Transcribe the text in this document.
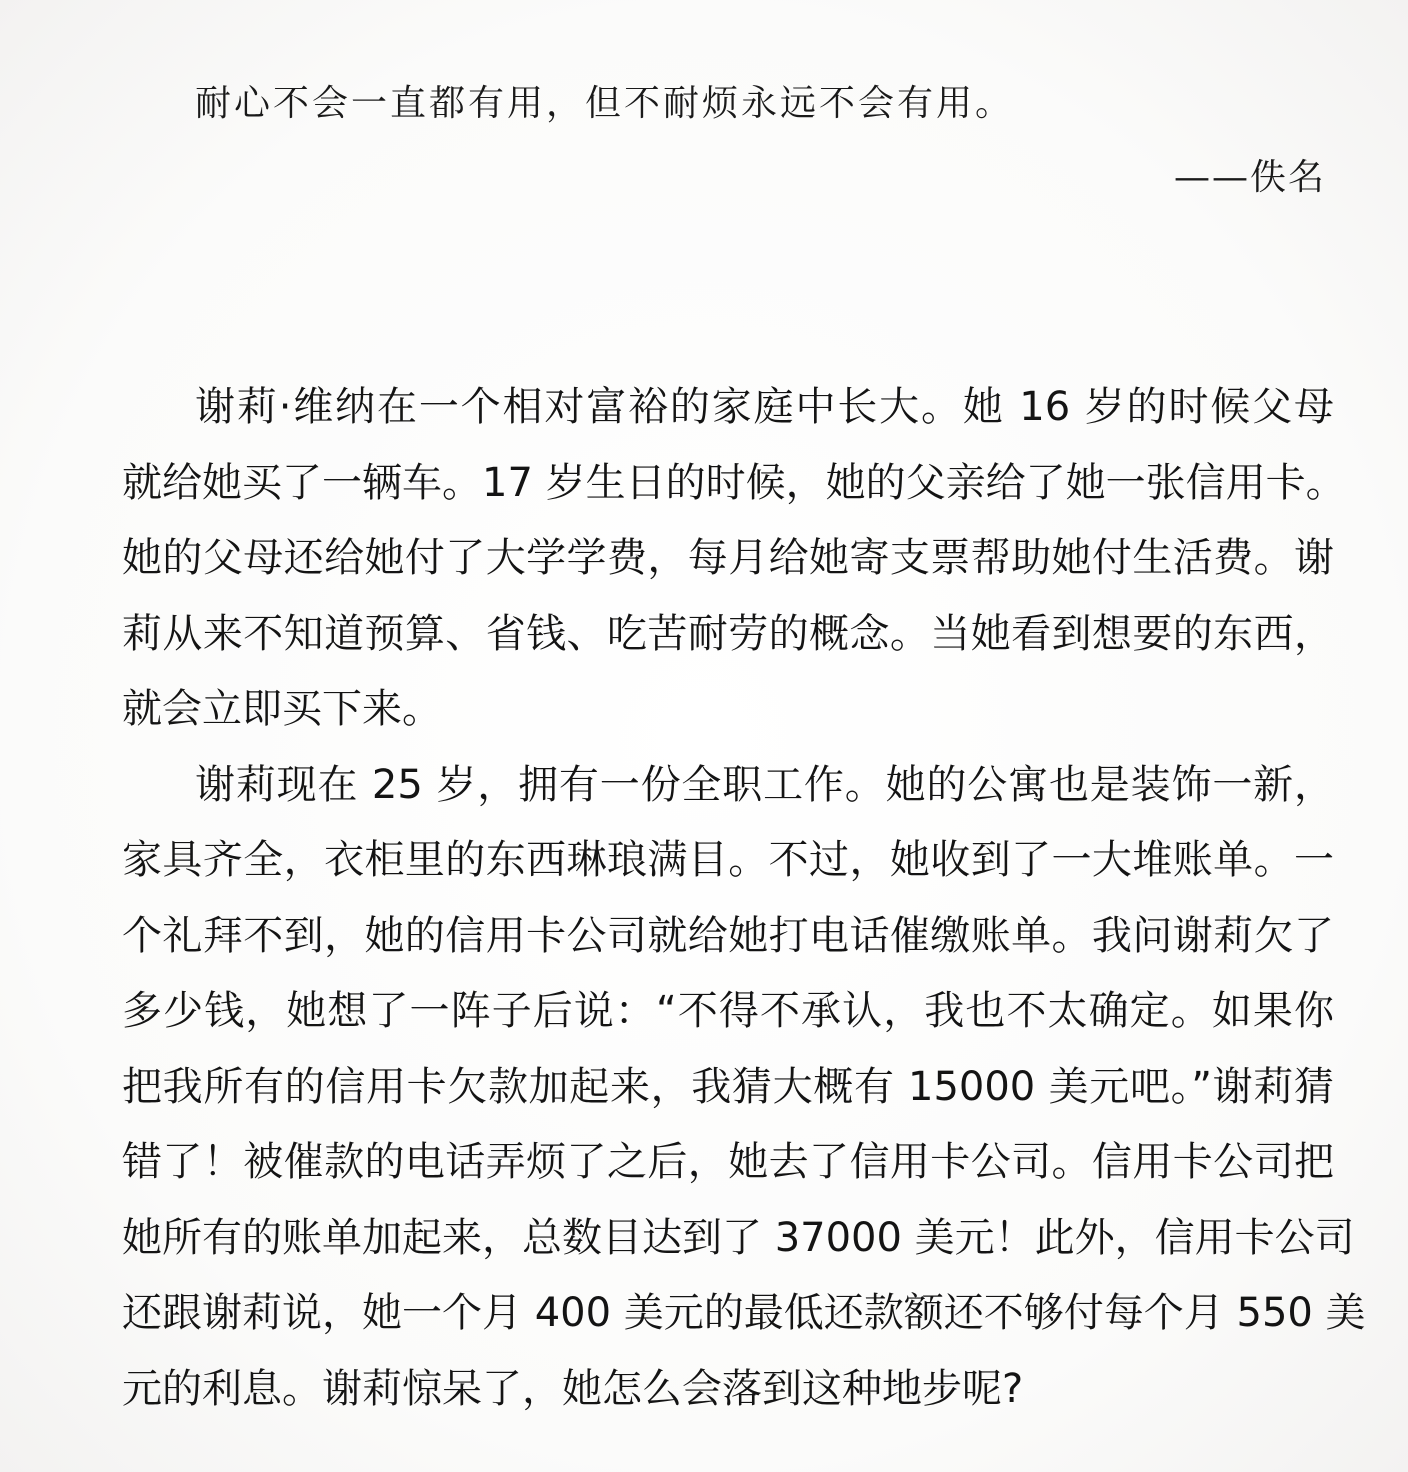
耐心不会一直都有用，但不耐烦永远不会有用。
——佚名
谢莉·维纳在一个相对富裕的家庭中长大。她 16 岁的时候父母
就给她买了一辆车。17 岁生日的时候，她的父亲给了她一张信用卡。
她的父母还给她付了大学学费，每月给她寄支票帮助她付生活费。谢
莉从来不知道预算、省钱、吃苦耐劳的概念。当她看到想要的东西，
就会立即买下来。
谢莉现在 25 岁，拥有一份全职工作。她的公寓也是装饰一新，
家具齐全，衣柜里的东西琳琅满目。不过，她收到了一大堆账单。一
个礼拜不到，她的信用卡公司就给她打电话催缴账单。我问谢莉欠了
多少钱，她想了一阵子后说：“不得不承认，我也不太确定。如果你
把我所有的信用卡欠款加起来，我猜大概有 15000 美元吧。”谢莉猜
错了！被催款的电话弄烦了之后，她去了信用卡公司。信用卡公司把
她所有的账单加起来，总数目达到了 37000 美元！此外，信用卡公司
还跟谢莉说，她一个月 400 美元的最低还款额还不够付每个月 550 美
元的利息。谢莉惊呆了，她怎么会落到这种地步呢?
